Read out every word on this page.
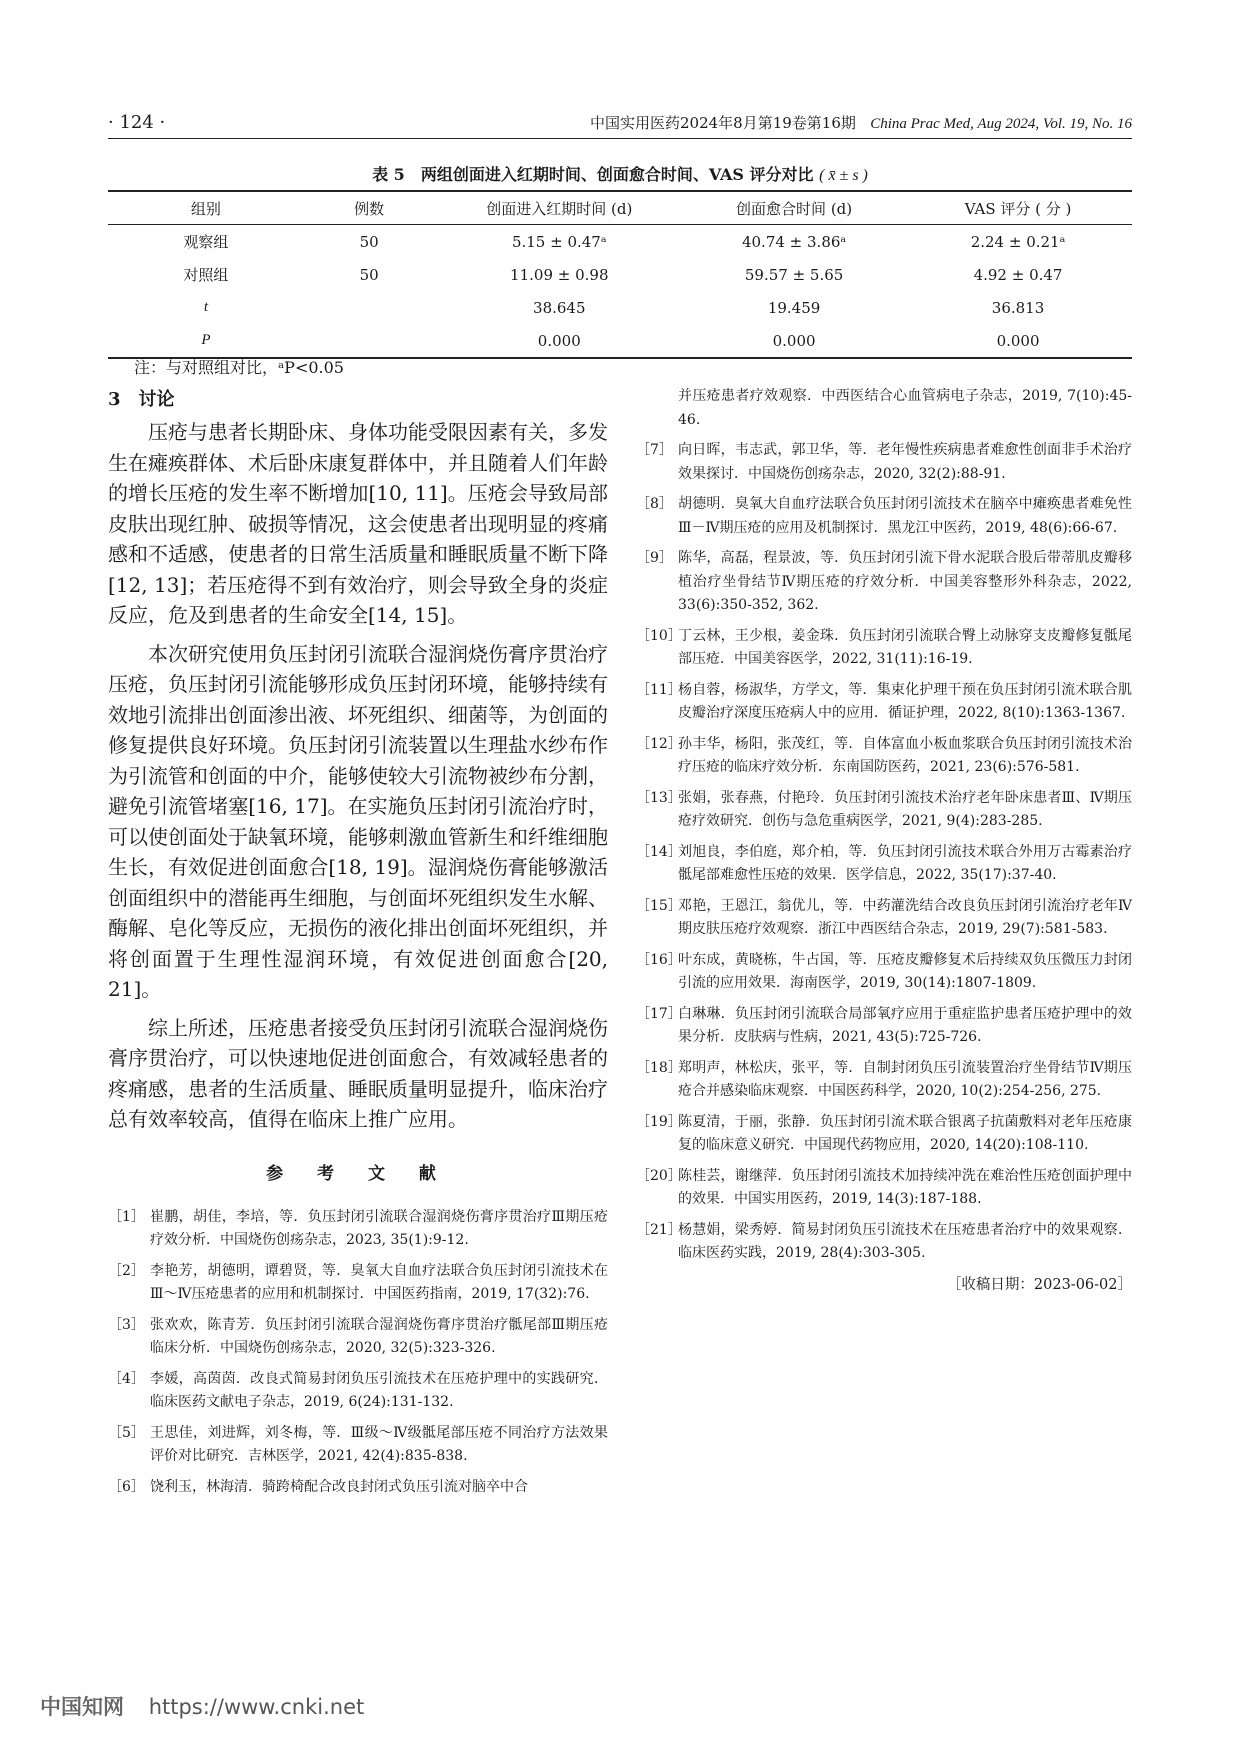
· 124 ·	中国实用医药2024年8月第19卷第16期 China Prac Med, Aug 2024, Vol. 19, No. 16
表 5　两组创面进入红期时间、创面愈合时间、VAS 评分对比 ( x̄ ± s )
组别	例数	创面进入红期时间 (d)	创面愈合时间 (d)	VAS 评分 ( 分 )
观察组	50	5.15 ± 0.47ᵃ	40.74 ± 3.86ᵃ	2.24 ± 0.21ᵃ
对照组	50	11.09 ± 0.98	59.57 ± 5.65	4.92 ± 0.47
t		38.645	19.459	36.813
P		0.000	0.000	0.000
注：与对照组对比，ᵃP<0.05
3　讨论

压疮与患者长期卧床、身体功能受限因素有关，多发生在瘫痪群体、术后卧床康复群体中，并且随着人们年龄的增长压疮的发生率不断增加[10, 11]。压疮会导致局部皮肤出现红肿、破损等情况，这会使患者出现明显的疼痛感和不适感，使患者的日常生活质量和睡眠质量不断下降[12, 13]；若压疮得不到有效治疗，则会导致全身的炎症反应，危及到患者的生命安全[14, 15]。

本次研究使用负压封闭引流联合湿润烧伤膏序贯治疗压疮，负压封闭引流能够形成负压封闭环境，能够持续有效地引流排出创面渗出液、坏死组织、细菌等，为创面的修复提供良好环境。负压封闭引流装置以生理盐水纱布作为引流管和创面的中介，能够使较大引流物被纱布分割，避免引流管堵塞[16, 17]。在实施负压封闭引流治疗时，可以使创面处于缺氧环境，能够刺激血管新生和纤维细胞生长，有效促进创面愈合[18, 19]。湿润烧伤膏能够激活创面组织中的潜能再生细胞，与创面坏死组织发生水解、酶解、皂化等反应，无损伤的液化排出创面坏死组织，并将创面置于生理性湿润环境，有效促进创面愈合[20, 21]。

综上所述，压疮患者接受负压封闭引流联合湿润烧伤膏序贯治疗，可以快速地促进创面愈合，有效减轻患者的疼痛感，患者的生活质量、睡眠质量明显提升，临床治疗总有效率较高，值得在临床上推广应用。

参 考 文 献
［1］ 崔鹏，胡佳，李培，等．负压封闭引流联合湿润烧伤膏序贯治疗Ⅲ期压疮疗效分析．中国烧伤创疡杂志，2023, 35(1):9-12.
［2］ 李艳芳，胡德明，谭碧贤，等．臭氧大自血疗法联合负压封闭引流技术在Ⅲ～Ⅳ压疮患者的应用和机制探讨．中国医药指南，2019, 17(32):76.
［3］ 张欢欢，陈青芳．负压封闭引流联合湿润烧伤膏序贯治疗骶尾部Ⅲ期压疮临床分析．中国烧伤创疡杂志，2020, 32(5):323-326.
［4］ 李媛，高茵茵．改良式简易封闭负压引流技术在压疮护理中的实践研究．临床医药文献电子杂志，2019, 6(24):131-132.
［5］ 王思佳，刘进辉，刘冬梅，等．Ⅲ级～Ⅳ级骶尾部压疮不同治疗方法效果评价对比研究．吉林医学，2021, 42(4):835-838.
［6］ 饶利玉，林海清．骑跨椅配合改良封闭式负压引流对脑卒中合
并压疮患者疗效观察．中西医结合心血管病电子杂志，2019, 7(10):45-46.
［7］ 向日晖，韦志武，郭卫华，等．老年慢性疾病患者难愈性创面非手术治疗效果探讨．中国烧伤创疡杂志，2020, 32(2):88-91.
［8］ 胡德明．臭氧大自血疗法联合负压封闭引流技术在脑卒中瘫痪患者难免性Ⅲ－Ⅳ期压疮的应用及机制探讨．黑龙江中医药，2019, 48(6):66-67.
［9］ 陈华，高磊，程景波，等．负压封闭引流下骨水泥联合股后带蒂肌皮瓣移植治疗坐骨结节Ⅳ期压疮的疗效分析．中国美容整形外科杂志，2022, 33(6):350-352, 362.
［10］
丁云林，王少根，姜金珠．负压封闭引流联合臀上动脉穿支皮瓣修复骶尾部压疮．中国美容医学，2022, 31(11):16-19.
［11］
杨自蓉，杨淑华，方学文，等．集束化护理干预在负压封闭引流术联合肌皮瓣治疗深度压疮病人中的应用．循证护理，2022, 8(10):1363-1367.
［12］
孙丰华，杨阳，张茂红，等．自体富血小板血浆联合负压封闭引流技术治疗压疮的临床疗效分析．东南国防医药，2021, 23(6):576-581.
［13］
张娟，张春燕，付艳玲．负压封闭引流技术治疗老年卧床患者Ⅲ、Ⅳ期压疮疗效研究．创伤与急危重病医学，2021, 9(4):283-285.
［14］
刘旭良，李伯庭，郑介柏，等．负压封闭引流技术联合外用万古霉素治疗骶尾部难愈性压疮的效果．医学信息，2022, 35(17):37-40.
［15］
邓艳，王恩江，翁优儿，等．中药灌洗结合改良负压封闭引流治疗老年Ⅳ期皮肤压疮疗效观察．浙江中西医结合杂志，2019, 29(7):581-583.
［16］
叶东成，黄晓栋，牛占国，等．压疮皮瓣修复术后持续双负压微压力封闭引流的应用效果．海南医学，2019, 30(14):1807-1809.
［17］
白琳琳．负压封闭引流联合局部氧疗应用于重症监护患者压疮护理中的效果分析．皮肤病与性病，2021, 43(5):725-726.
［18］
郑明声，林松庆，张平，等．自制封闭负压引流装置治疗坐骨结节Ⅳ期压疮合并感染临床观察．中国医药科学，2020, 10(2):254-256, 275.
［19］
陈夏清，于丽，张静．负压封闭引流术联合银离子抗菌敷料对老年压疮康复的临床意义研究．中国现代药物应用，2020, 14(20):108-110.
［20］
陈桂芸，谢继萍．负压封闭引流技术加持续冲洗在难治性压疮创面护理中的效果．中国实用医药，2019, 14(3):187-188.
［21］
杨慧娟，梁秀婷．简易封闭负压引流技术在压疮患者治疗中的效果观察．临床医药实践，2019, 28(4):303-305.
［收稿日期：2023-06-02］
中国知网 https://www.cnki.net
